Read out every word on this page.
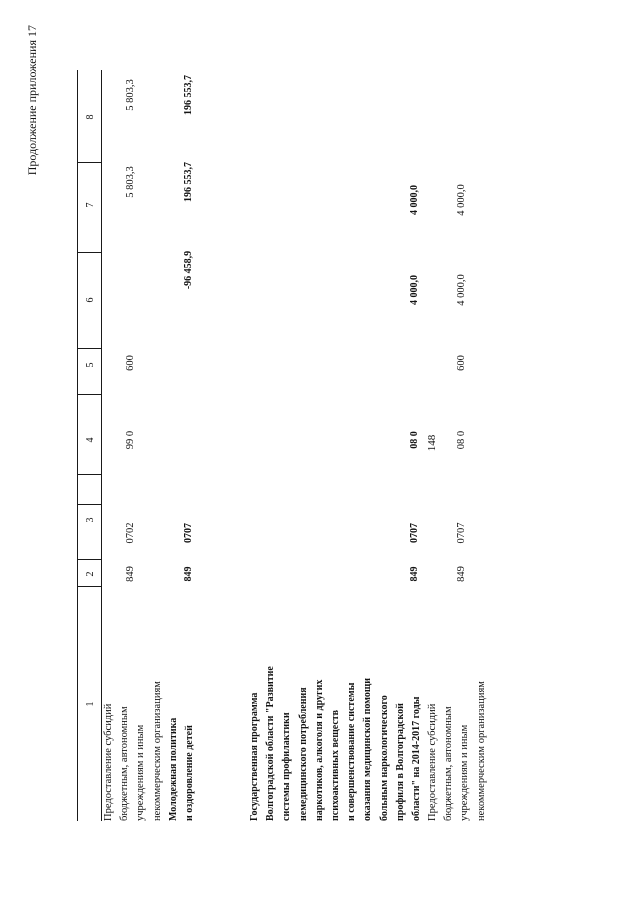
148
Продолжение приложения 17
1
2
3
4
5
6
7
8
Предоставление субсидий бюджетным, автономным учреждениям и иным некоммерческим организациям
849
0702
99 0
600
5 803,3
5 803,3
Молодежная политика и оздоровление детей
849
0707
-96 458,9
196 553,7
196 553,7
Государственная программа Волгоградской области "Развитие системы профилактики немедицинского потребления наркотиков, алкоголя и других психоактивных веществ и совершенствование системы оказания медицинской помощи больным наркологического профиля в Волгоградской области" на 2014-2017 годы
849
0707
08 0
4 000,0
4 000,0
Предоставление субсидий бюджетным, автономным учреждениям и иным некоммерческим организациям
849
0707
08 0
600
4 000,0
4 000,0
